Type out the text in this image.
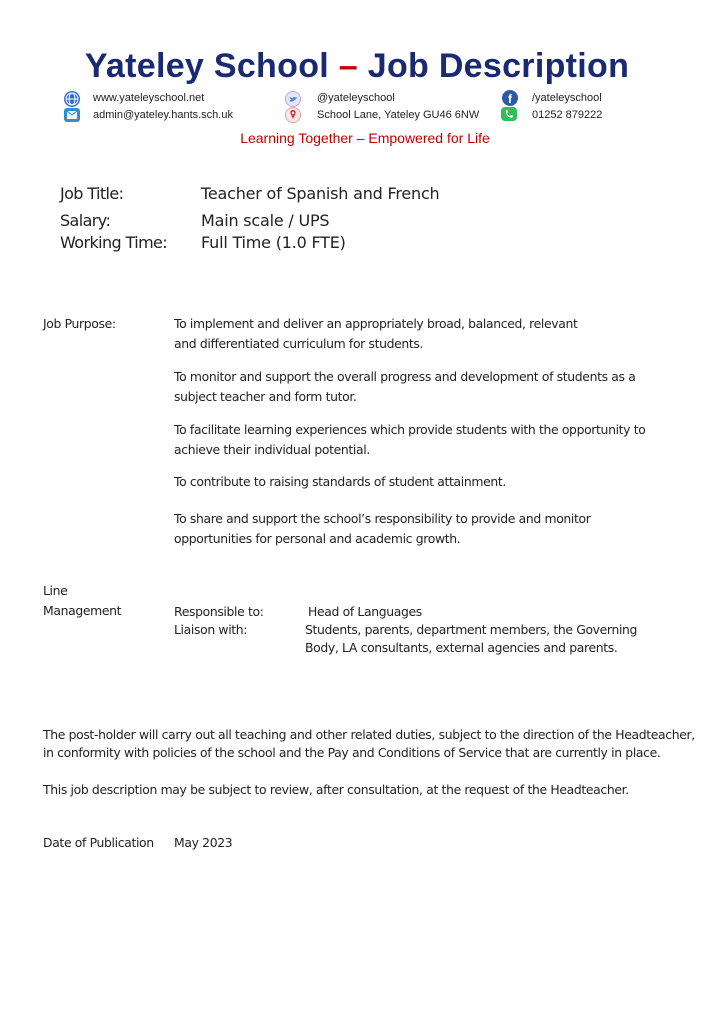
Yateley School – Job Description
www.yateleyschool.net	@yateleyschool	f /yateleyschool
admin@yateley.hants.sch.uk	School Lane, Yateley GU46 6NW	01252 879222
Learning Together – Empowered for Life
Job Title:	Teacher of Spanish and French
Salary:	Main scale / UPS
Working Time: Full Time (1.0 FTE)
Job Purpose:	To implement and deliver an appropriately broad, balanced, relevant
and differentiated curriculum for students.
To monitor and support the overall progress and development of students as a
subject teacher and form tutor.
To facilitate learning experiences which provide students with the opportunity to
achieve their individual potential.
To contribute to raising standards of student attainment.
To share and support the school’s responsibility to provide and monitor
opportunities for personal and academic growth.
Line
Management	Responsible to:	Head of Languages
Liaison with:	Students, parents, department members, the Governing
Body, LA consultants, external agencies and parents.
The post-holder will carry out all teaching and other related duties, subject to the direction of the Headteacher,
in conformity with policies of the school and the Pay and Conditions of Service that are currently in place.
This job description may be subject to review, after consultation, at the request of the Headteacher.
Date of Publication May 2023
